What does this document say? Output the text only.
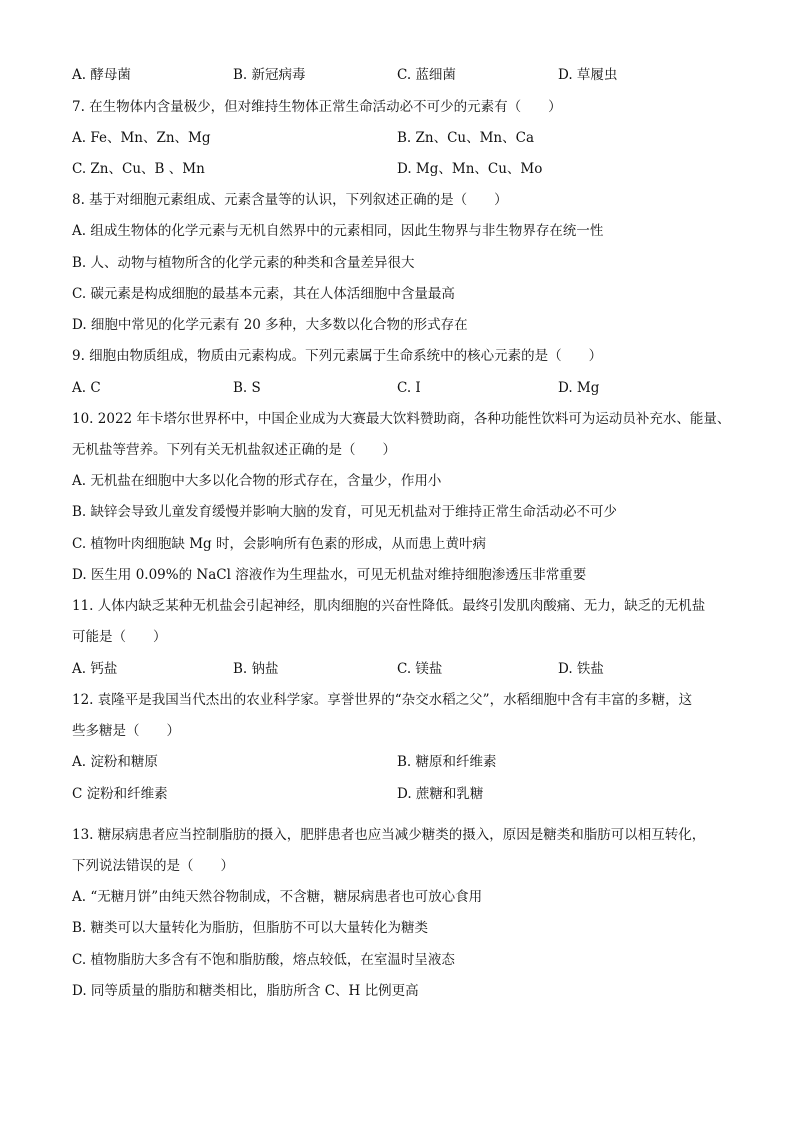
A. 酵母菌	B. 新冠病毒	C. 蓝细菌	D. 草履虫
7. 在生物体内含量极少，但对维持生物体正常生命活动必不可少的元素有（　　）
A. Fe、Mn、Zn、Mg	B. Zn、Cu、Mn、Ca
C. Zn、Cu、B 、Mn	D. Mg、Mn、Cu、Mo
8. 基于对细胞元素组成、元素含量等的认识，下列叙述正确的是（　　）
A. 组成生物体的化学元素与无机自然界中的元素相同，因此生物界与非生物界存在统一性
B. 人、动物与植物所含的化学元素的种类和含量差异很大
C. 碳元素是构成细胞的最基本元素，其在人体活细胞中含量最高
D. 细胞中常见的化学元素有 20 多种，大多数以化合物的形式存在
9. 细胞由物质组成，物质由元素构成。下列元素属于生命系统中的核心元素的是（　　）
A. C	B. S	C. I	D. Mg
10. 2022 年卡塔尔世界杯中，中国企业成为大赛最大饮料赞助商，各种功能性饮料可为运动员补充水、能量、
无机盐等营养。下列有关无机盐叙述正确的是（　　）
A. 无机盐在细胞中大多以化合物的形式存在，含量少，作用小
B. 缺锌会导致儿童发育缓慢并影响大脑的发育，可见无机盐对于维持正常生命活动必不可少
C. 植物叶肉细胞缺 Mg 时，会影响所有色素的形成，从而患上黄叶病
D. 医生用 0.09%的 NaCl 溶液作为生理盐水，可见无机盐对维持细胞渗透压非常重要
11. 人体内缺乏某种无机盐会引起神经，肌肉细胞的兴奋性降低。最终引发肌肉酸痛、无力，缺乏的无机盐
可能是（　　）
A. 钙盐	B. 钠盐	C. 镁盐	D. 铁盐
12. 袁隆平是我国当代杰出的农业科学家。享誉世界的“杂交水稻之父”，水稻细胞中含有丰富的多糖，这
些多糖是（　　）
A. 淀粉和糖原	B. 糖原和纤维素
C 淀粉和纤维素	D. 蔗糖和乳糖
13. 糖尿病患者应当控制脂肪的摄入，肥胖患者也应当减少糖类的摄入，原因是糖类和脂肪可以相互转化，
下列说法错误的是（　　）
A. “无糖月饼”由纯天然谷物制成，不含糖，糖尿病患者也可放心食用
B. 糖类可以大量转化为脂肪，但脂肪不可以大量转化为糖类
C. 植物脂肪大多含有不饱和脂肪酸，熔点较低，在室温时呈液态
D. 同等质量的脂肪和糖类相比，脂肪所含 C、H 比例更高
